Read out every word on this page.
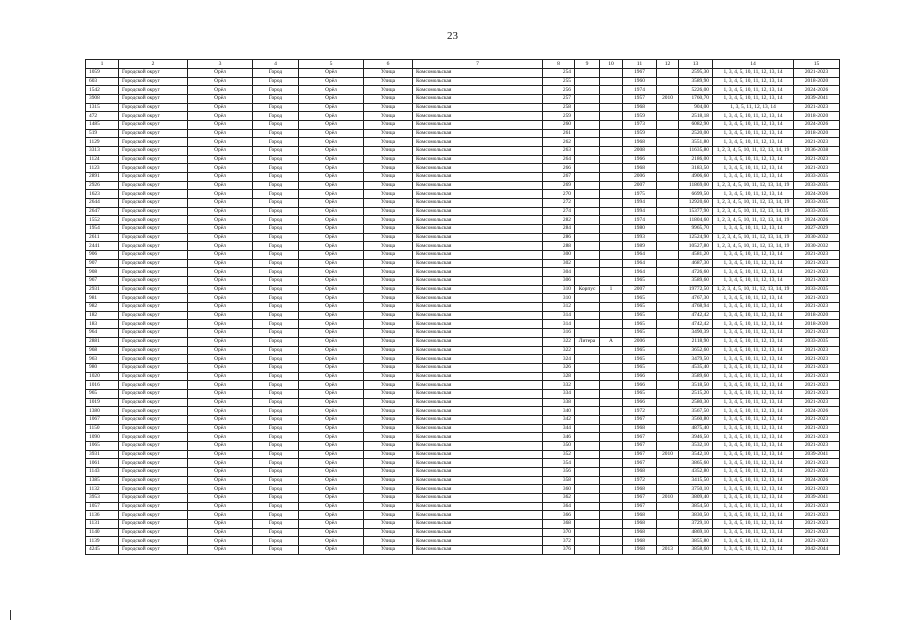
23
1	2	3	4	5	6	7	8	9	10	11	12	13	14	15
1059	Городской округ	Орёл	Город	Орёл	Улица	Комсомольская	254			1967		2595,30	1, 3, 4, 5, 10, 11, 12, 13, 14	2021-2023
603	Городской округ	Орёл	Город	Орёл	Улица	Комсомольская	255			1960		3589,90	1, 3, 4, 5, 10, 11, 12, 13, 14	2018-2020
1542	Городской округ	Орёл	Город	Орёл	Улица	Комсомольская	256			1974		5226,00	1, 3, 4, 5, 10, 11, 12, 13, 14	2024-2026
3908	Городской округ	Орёл	Город	Орёл	Улица	Комсомольская	257			1957	2010	1760,70	1, 3, 4, 5, 10, 11, 12, 13, 14	2039-2041
1315	Городской округ	Орёл	Город	Орёл	Улица	Комсомольская	258			1968		904,00	1, 3, 5, 11, 12, 13, 14	2021-2023
472	Городской округ	Орёл	Город	Орёл	Улица	Комсомольская	259			1959		2518,18	1, 3, 4, 5, 10, 11, 12, 13, 14	2018-2020
1485	Городской округ	Орёл	Город	Орёл	Улица	Комсомольская	260			1973		6082,90	1, 3, 4, 5, 10, 11, 12, 13, 14	2024-2026
519	Городской округ	Орёл	Город	Орёл	Улица	Комсомольская	261			1959		2520,00	1, 3, 4, 5, 10, 11, 12, 13, 14	2018-2020
1129	Городской округ	Орёл	Город	Орёл	Улица	Комсомольская	262			1968		3551,80	1, 3, 4, 5, 10, 11, 12, 13, 14	2021-2023
3313	Городской округ	Орёл	Город	Орёл	Улица	Комсомольская	263			2008		11635,80	1, 2, 3, 4, 5, 10, 11, 12, 13, 14, 19	2036-2038
1124	Городской округ	Орёл	Город	Орёл	Улица	Комсомольская	264			1966		2186,00	1, 3, 4, 5, 10, 11, 12, 13, 14	2021-2023
1123	Городской округ	Орёл	Город	Орёл	Улица	Комсомольская	266			1968		3183,50	1, 3, 4, 5, 10, 11, 12, 13, 14	2021-2023
2891	Городской округ	Орёл	Город	Орёл	Улица	Комсомольская	267			2006		4906,60	1, 3, 4, 5, 10, 11, 12, 13, 14	2033-2035
2926	Городской округ	Орёл	Город	Орёл	Улица	Комсомольская	269			2007		11869,00	1, 2, 3, 4, 5, 10, 11, 12, 13, 14, 19	2033-2035
1623	Городской округ	Орёл	Город	Орёл	Улица	Комсомольская	270			1975		6699,50	1, 3, 4, 5, 10, 11, 12, 13, 14	2024-2026
2644	Городской округ	Орёл	Город	Орёл	Улица	Комсомольская	272			1994		12920,60	1, 2, 3, 4, 5, 10, 11, 12, 13, 14, 19	2033-2035
2647	Городской округ	Орёл	Город	Орёл	Улица	Комсомольская	274			1994		15377,90	1, 2, 3, 4, 5, 10, 11, 12, 13, 14, 19	2033-2035
1552	Городской округ	Орёл	Город	Орёл	Улица	Комсомольская	282			1974		11804,60	1, 2, 3, 4, 5, 10, 11, 12, 13, 14, 19	2024-2026
1954	Городской округ	Орёл	Город	Орёл	Улица	Комсомольская	284			1980		9965,70	1, 3, 4, 5, 10, 11, 12, 13, 14	2027-2029
2611	Городской округ	Орёл	Город	Орёл	Улица	Комсомольская	286			1993		12524,90	1, 2, 3, 4, 5, 10, 11, 12, 13, 14, 19	2030-2032
2441	Городской округ	Орёл	Город	Орёл	Улица	Комсомольская	288			1989		10527,80	1, 2, 3, 4, 5, 10, 11, 12, 13, 14, 19	2030-2032
906	Городской округ	Орёл	Город	Орёл	Улица	Комсомольская	300			1964		4581,20	1, 3, 4, 5, 10, 11, 12, 13, 14	2021-2023
907	Городской округ	Орёл	Город	Орёл	Улица	Комсомольская	302			1964		4687,30	1, 3, 4, 5, 10, 11, 12, 13, 14	2021-2023
908	Городской округ	Орёл	Город	Орёл	Улица	Комсомольская	304			1964		4726,60	1, 3, 4, 5, 10, 11, 12, 13, 14	2021-2023
967	Городской округ	Орёл	Город	Орёл	Улица	Комсомольская	306			1965		3589,60	1, 3, 4, 5, 10, 11, 12, 13, 14	2021-2023
2931	Городской округ	Орёл	Город	Орёл	Улица	Комсомольская	310	Корпус	1	2007		19772,50	1, 2, 3, 4, 5, 10, 11, 12, 13, 14, 19	2033-2035
981	Городской округ	Орёл	Город	Орёл	Улица	Комсомольская	310			1965		4767,30	1, 3, 4, 5, 10, 11, 12, 13, 14	2021-2023
982	Городской округ	Орёл	Город	Орёл	Улица	Комсомольская	312			1965		4768,94	1, 3, 4, 5, 10, 11, 12, 13, 14	2021-2023
182	Городской округ	Орёл	Город	Орёл	Улица	Комсомольская	314			1965		4742,42	1, 3, 4, 5, 10, 11, 12, 13, 14	2018-2020
183	Городской округ	Орёл	Город	Орёл	Улица	Комсомольская	314			1965		4742,42	1, 3, 4, 5, 10, 11, 12, 13, 14	2018-2020
964	Городской округ	Орёл	Город	Орёл	Улица	Комсомольская	316			1965		3490,39	1, 3, 4, 5, 10, 11, 12, 13, 14	2021-2023
2881	Городской округ	Орёл	Город	Орёл	Улица	Комсомольская	322	Литера	А	2006		2118,90	1, 3, 4, 5, 10, 11, 12, 13, 14	2033-2035
968	Городской округ	Орёл	Город	Орёл	Улица	Комсомольская	322			1965		3652,60	1, 3, 4, 5, 10, 11, 12, 13, 14	2021-2023
963	Городской округ	Орёл	Город	Орёл	Улица	Комсомольская	324			1965		3479,50	1, 3, 4, 5, 10, 11, 12, 13, 14	2021-2023
980	Городской округ	Орёл	Город	Орёл	Улица	Комсомольская	326			1965		4535,40	1, 3, 4, 5, 10, 11, 12, 13, 14	2021-2023
1020	Городской округ	Орёл	Город	Орёл	Улица	Комсомольская	328			1966		3589,60	1, 3, 4, 5, 10, 11, 12, 13, 14	2021-2023
1016	Городской округ	Орёл	Город	Орёл	Улица	Комсомольская	332			1966		3518,50	1, 3, 4, 5, 10, 11, 12, 13, 14	2021-2023
965	Городской округ	Орёл	Город	Орёл	Улица	Комсомольская	334			1965		2515,20	1, 3, 4, 5, 10, 11, 12, 13, 14	2021-2023
1019	Городской округ	Орёл	Город	Орёл	Улица	Комсомольская	338			1966		2580,30	1, 3, 4, 5, 10, 11, 12, 13, 14	2021-2023
1380	Городской округ	Орёл	Город	Орёл	Улица	Комсомольская	340			1972		3567,50	1, 3, 4, 5, 10, 11, 12, 13, 14	2024-2026
1067	Городской округ	Орёл	Город	Орёл	Улица	Комсомольская	342			1967		3560,80	1, 3, 4, 5, 10, 11, 12, 13, 14	2021-2023
1150	Городской округ	Орёл	Город	Орёл	Улица	Комсомольская	344			1968		4875,40	1, 3, 4, 5, 10, 11, 12, 13, 14	2021-2023
1090	Городской округ	Орёл	Город	Орёл	Улица	Комсомольская	346			1967		3946,50	1, 3, 4, 5, 10, 11, 12, 13, 14	2021-2023
1065	Городской округ	Орёл	Город	Орёл	Улица	Комсомольская	350			1967		3532,10	1, 3, 4, 5, 10, 11, 12, 13, 14	2021-2023
3931	Городской округ	Орёл	Город	Орёл	Улица	Комсомольская	352			1967	2010	3542,10	1, 3, 4, 5, 10, 11, 12, 13, 14	2039-2041
1061	Городской округ	Орёл	Город	Орёл	Улица	Комсомольская	354			1967		3865,60	1, 3, 4, 5, 10, 11, 12, 13, 14	2021-2023
1143	Городской округ	Орёл	Город	Орёл	Улица	Комсомольская	356			1968		4352,80	1, 3, 4, 5, 10, 11, 12, 13, 14	2021-2023
1385	Городской округ	Орёл	Город	Орёл	Улица	Комсомольская	358			1972		3415,50	1, 3, 4, 5, 10, 11, 12, 13, 14	2024-2026
1132	Городской округ	Орёл	Город	Орёл	Улица	Комсомольская	360			1968		3750,10	1, 3, 4, 5, 10, 11, 12, 13, 14	2021-2023
3953	Городской округ	Орёл	Город	Орёл	Улица	Комсомольская	362			1967	2010	3809,40	1, 3, 4, 5, 10, 11, 12, 13, 14	2039-2041
1057	Городской округ	Орёл	Город	Орёл	Улица	Комсомольская	364			1967		3854,50	1, 3, 4, 5, 10, 11, 12, 13, 14	2021-2023
1136	Городской округ	Орёл	Город	Орёл	Улица	Комсомольская	366			1968		3830,50	1, 3, 4, 5, 10, 11, 12, 13, 14	2021-2023
1131	Городской округ	Орёл	Город	Орёл	Улица	Комсомольская	368			1968		3729,10	1, 3, 4, 5, 10, 11, 12, 13, 14	2021-2023
1140	Городской округ	Орёл	Город	Орёл	Улица	Комсомольская	370			1968		4869,10	1, 3, 4, 5, 10, 11, 12, 13, 14	2021-2023
1139	Городской округ	Орёл	Город	Орёл	Улица	Комсомольская	372			1968		3855,80	1, 3, 4, 5, 10, 11, 12, 13, 14	2021-2023
4245	Городской округ	Орёл	Город	Орёл	Улица	Комсомольская	376			1968	2013	3858,60	1, 3, 4, 5, 10, 11, 12, 13, 14	2042-2044
